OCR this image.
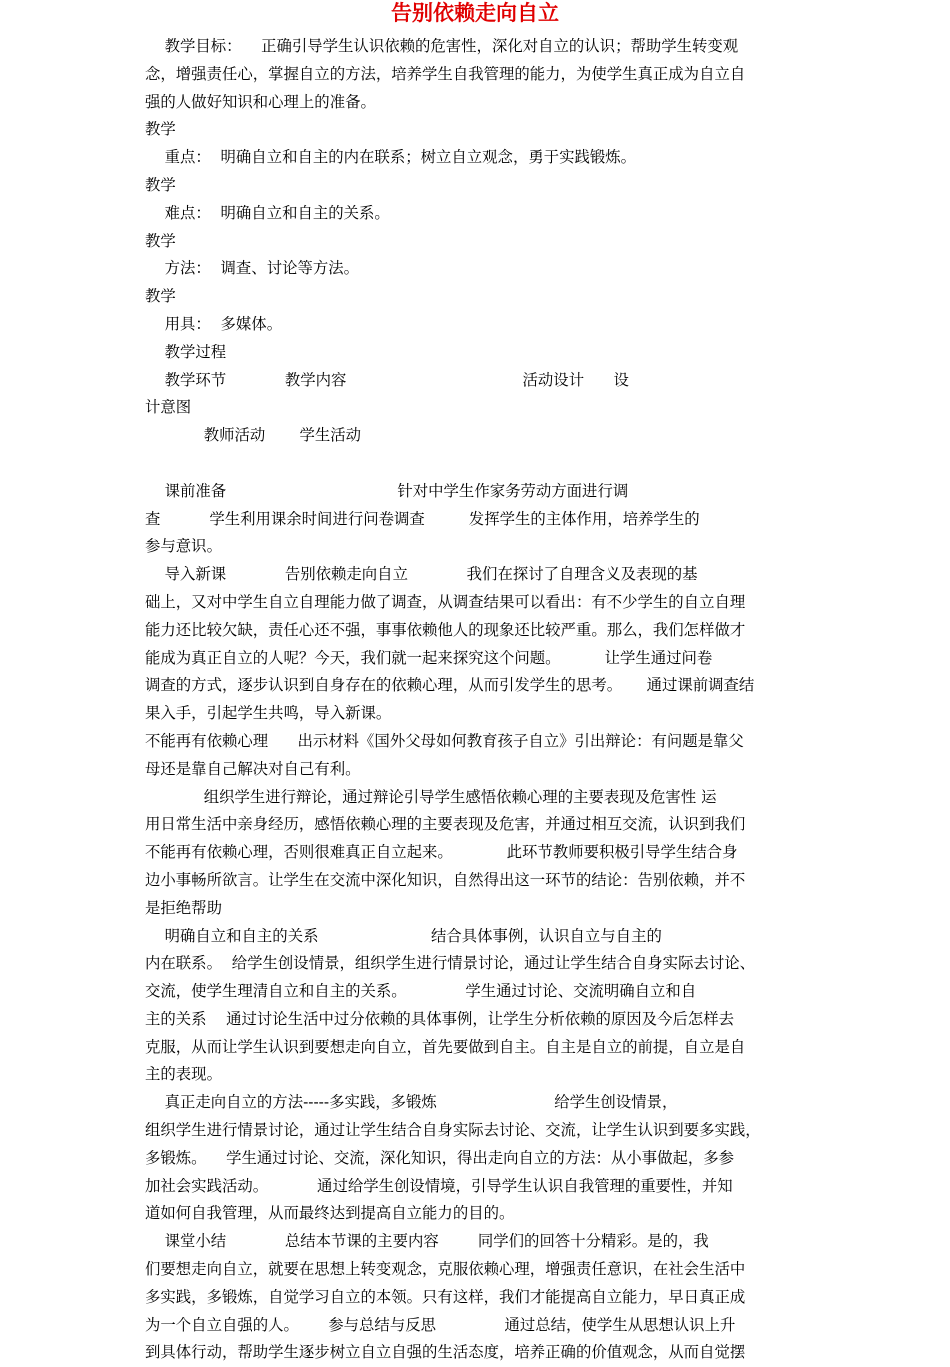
告别依赖走向自立
教学目标：    正确引导学生认识依赖的危害性，深化对自立的认识；帮助学生转变观
念，增强责任心，掌握自立的方法，培养学生自我管理的能力，为使学生真正成为自立自
强的人做好知识和心理上的准备。
教学
重点：  明确自立和自主的内在联系；树立自立观念，勇于实践锻炼。
教学
难点：  明确自立和自主的关系。
教学
方法：  调查、讨论等方法。
教学
用具：  多媒体。
教学过程
教学环节            教学内容                                    活动设计      设
计意图
教师活动       学生活动
课前准备                                   针对中学生作家务劳动方面进行调
查          学生利用课余时间进行问卷调查         发挥学生的主体作用，培养学生的
参与意识。
导入新课            告别依赖走向自立            我们在探讨了自理含义及表现的基
础上，又对中学生自立自理能力做了调查，从调查结果可以看出：有不少学生的自立自理
能力还比较欠缺，责任心还不强，事事依赖他人的现象还比较严重。那么，我们怎样做才
能成为真正自立的人呢？今天，我们就一起来探究这个问题。         让学生通过问卷
调查的方式，逐步认识到自身存在的依赖心理，从而引发学生的思考。     通过课前调查结
果入手，引起学生共鸣，导入新课。
不能再有依赖心理      出示材料《国外父母如何教育孩子自立》引出辩论：有问题是靠父
母还是靠自己解决对自己有利。
组织学生进行辩论，通过辩论引导学生感悟依赖心理的主要表现及危害性 运
用日常生活中亲身经历，感悟依赖心理的主要表现及危害，并通过相互交流，认识到我们
不能再有依赖心理，否则很难真正自立起来。           此环节教师要积极引导学生结合身
边小事畅所欲言。让学生在交流中深化知识，自然得出这一环节的结论：告别依赖，并不
是拒绝帮助
明确自立和自主的关系                       结合具体事例，认识自立与自主的
内在联系。  给学生创设情景，组织学生进行情景讨论，通过让学生结合自身实际去讨论、
交流，使学生理清自立和自主的关系。            学生通过讨论、交流明确自立和自
主的关系    通过讨论生活中过分依赖的具体事例，让学生分析依赖的原因及今后怎样去
克服，从而让学生认识到要想走向自立，首先要做到自主。自主是自立的前提，自立是自
主的表现。
真正走向自立的方法-----多实践，多锻炼                        给学生创设情景，
组织学生进行情景讨论，通过让学生结合自身实际去讨论、交流，让学生认识到要多实践，
多锻炼。    学生通过讨论、交流，深化知识，得出走向自立的方法：从小事做起，多参
加社会实践活动。          通过给学生创设情境，引导学生认识自我管理的重要性，并知
道如何自我管理，从而最终达到提高自立能力的目的。
课堂小结            总结本节课的主要内容        同学们的回答十分精彩。是的，我
们要想走向自立，就要在思想上转变观念，克服依赖心理，增强责任意识，在社会生活中
多实践，多锻炼，自觉学习自立的本领。只有这样，我们才能提高自立能力，早日真正成
为一个自立自强的人。      参与总结与反思              通过总结，使学生从思想认识上升
到具体行动，帮助学生逐步树立自立自强的生活态度，培养正确的价值观念，从而自觉摆
